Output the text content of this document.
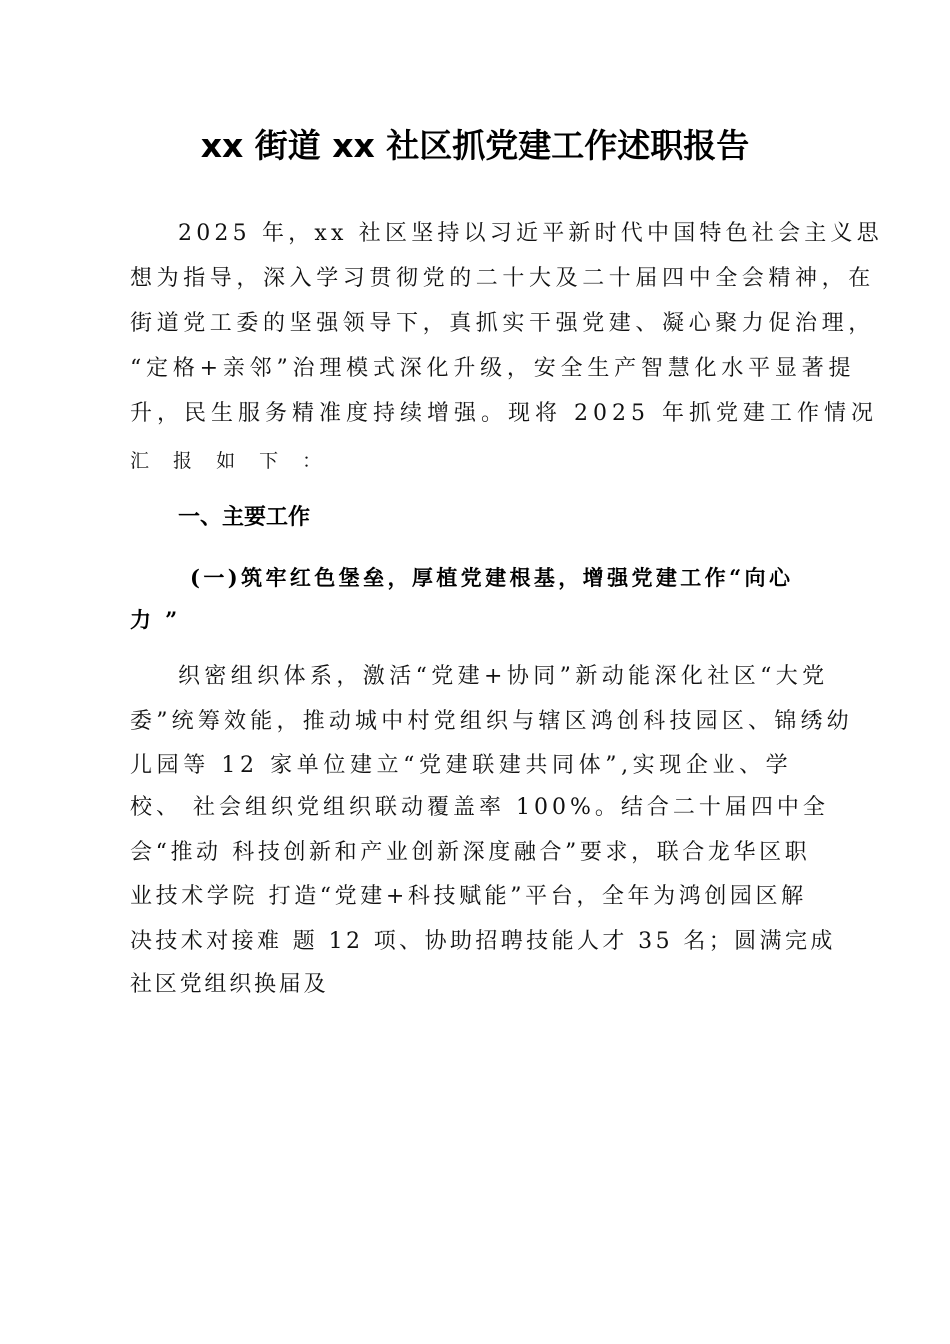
xx 街道 xx 社区抓党建工作述职报告
2025 年，xx 社区坚持以习近平新时代中国特色社会主义思
想为指导，深入学习贯彻党的二十大及二十届四中全会精神，在
街道党工委的坚强领导下，真抓实干强党建、凝心聚力促治理，
“定格+亲邻”治理模式深化升级，安全生产智慧化水平显著提
升，民生服务精准度持续增强。现将 2025 年抓党建工作情况
汇 报 如 下 ：
一、主要工作
(一)筑牢红色堡垒，厚植党建根基，增强党建工作“向心
力 ”
织密组织体系，激活“党建+协同”新动能深化社区“大党
委”统筹效能，推动城中村党组织与辖区鸿创科技园区、锦绣幼
儿园等 12 家单位建立“党建联建共同体”,实现企业、学
校、 社会组织党组织联动覆盖率 100%。结合二十届四中全
会“推动 科技创新和产业创新深度融合”要求，联合龙华区职
业技术学院 打造“党建+科技赋能”平台，全年为鸿创园区解
决技术对接难 题 12 项、协助招聘技能人才 35 名；圆满完成
社区党组织换届及
